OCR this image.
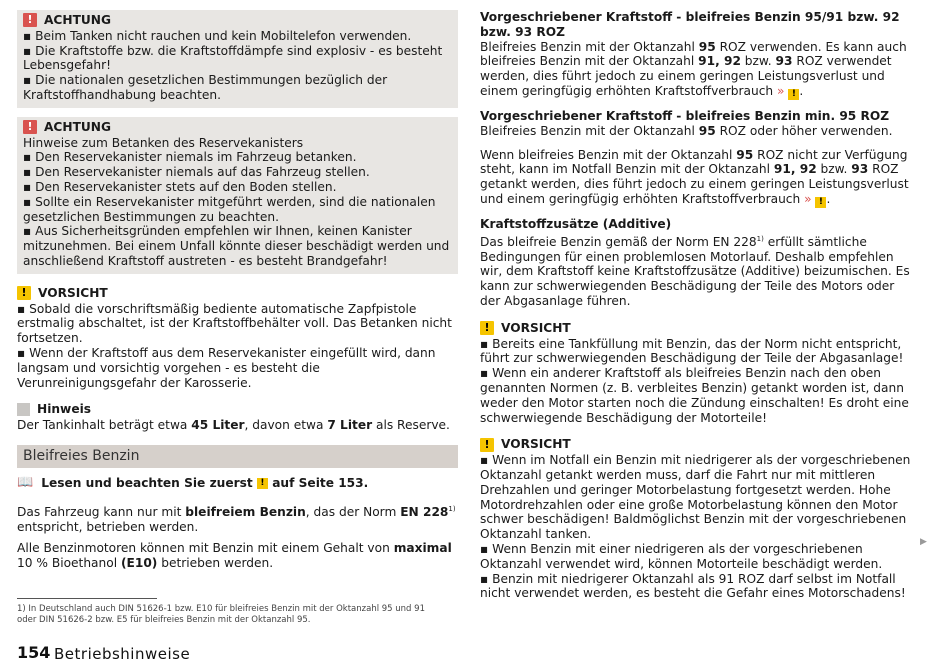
! ACHTUNG

▪ Beim Tanken nicht rauchen und kein Mobiltelefon verwenden.

▪ Die Kraftstoffe bzw. die Kraftstoffdämpfe sind explosiv - es besteht Lebensgefahr!

▪ Die nationalen gesetzlichen Bestimmungen bezüglich der Kraftstoffhandhabung beachten.

! ACHTUNG

Hinweise zum Betanken des Reservekanisters

▪ Den Reservekanister niemals im Fahrzeug betanken.

▪ Den Reservekanister niemals auf das Fahrzeug stellen.

▪ Den Reservekanister stets auf den Boden stellen.

▪ Sollte ein Reservekanister mitgeführt werden, sind die nationalen gesetzlichen Bestimmungen zu beachten.

▪ Aus Sicherheitsgründen empfehlen wir Ihnen, keinen Kanister mitzunehmen. Bei einem Unfall könnte dieser beschädigt werden und anschließend Kraftstoff austreten - es besteht Brandgefahr!

! VORSICHT

▪ Sobald die vorschriftsmäßig bediente automatische Zapfpistole erstmalig abschaltet, ist der Kraftstoffbehälter voll. Das Betanken nicht fortsetzen.

▪ Wenn der Kraftstoff aus dem Reservekanister eingefüllt wird, dann langsam und vorsichtig vorgehen - es besteht die Verunreinigungsgefahr der Karosserie.

Hinweis

Der Tankinhalt beträgt etwa 45 Liter, davon etwa 7 Liter als Reserve.

Bleifreies Benzin
📖 Lesen und beachten Sie zuerst
!
auf Seite 153.

Das Fahrzeug kann nur mit bleifreiem Benzin, das der Norm EN 228$^{1)}$ entspricht, betrieben werden.

Alle Benzinmotoren können mit Benzin mit einem Gehalt von maximal 10 % Bioethanol (E10) betrieben werden.

Vorgeschriebener Kraftstoff - bleifreies Benzin 95/91 bzw. 92 bzw. 93 ROZ

Bleifreies Benzin mit der Oktanzahl 95 ROZ verwenden. Es kann auch bleifreies Benzin mit der Oktanzahl 91, 92 bzw. 93 ROZ verwendet werden, dies führt jedoch zu einem geringen Leistungsverlust und einem geringfügig erhöhten Kraftstoffverbrauch » ! .

Vorgeschriebener Kraftstoff - bleifreies Benzin min. 95 ROZ

Bleifreies Benzin mit der Oktanzahl 95 ROZ oder höher verwenden.

Wenn bleifreies Benzin mit der Oktanzahl 95 ROZ nicht zur Verfügung steht, kann im Notfall Benzin mit der Oktanzahl 91, 92 bzw. 93 ROZ getankt werden, dies führt jedoch zu einem geringen Leistungsverlust und einem geringfügig erhöhten Kraftstoffverbrauch » ! .

Kraftstoffzusätze (Additive)

Das bleifreie Benzin gemäß der Norm EN 228$^{1)}$ erfüllt sämtliche Bedingungen für einen problemlosen Motorlauf. Deshalb empfehlen wir, dem Kraftstoff keine Kraftstoffzusätze (Additive) beizumischen. Es kann zur schwerwiegenden Beschädigung der Teile des Motors oder der Abgasanlage führen.

! VORSICHT

▪ Bereits eine Tankfüllung mit Benzin, das der Norm nicht entspricht, führt zur schwerwiegenden Beschädigung der Teile der Abgasanlage!

▪ Wenn ein anderer Kraftstoff als bleifreies Benzin nach den oben genannten Normen (z. B. verbleites Benzin) getankt worden ist, dann weder den Motor starten noch die Zündung einschalten! Es droht eine schwerwiegende Beschädigung der Motorteile!

! VORSICHT

▪ Wenn im Notfall ein Benzin mit niedrigerer als der vorgeschriebenen Oktanzahl getankt werden muss, darf die Fahrt nur mit mittleren Drehzahlen und geringer Motorbelastung fortgesetzt werden. Hohe Motordrehzahlen oder eine große Motorbelastung können den Motor schwer beschädigen! Baldmöglichst Benzin mit der vorgeschriebenen Oktanzahl tanken.

▪ Wenn Benzin mit einer niedrigeren als der vorgeschriebenen Oktanzahl verwendet wird, können Motorteile beschädigt werden.

▪ Benzin mit niedrigerer Oktanzahl als 91 ROZ darf selbst im Notfall nicht verwendet werden, es besteht die Gefahr eines Motorschadens!

▶
1) In Deutschland auch DIN 51626-1 bzw. E10 für bleifreies Benzin mit der Oktanzahl 95 und 91 oder DIN 51626-2 bzw. E5 für bleifreies Benzin mit der Oktanzahl 95.
154 Betriebshinweise
